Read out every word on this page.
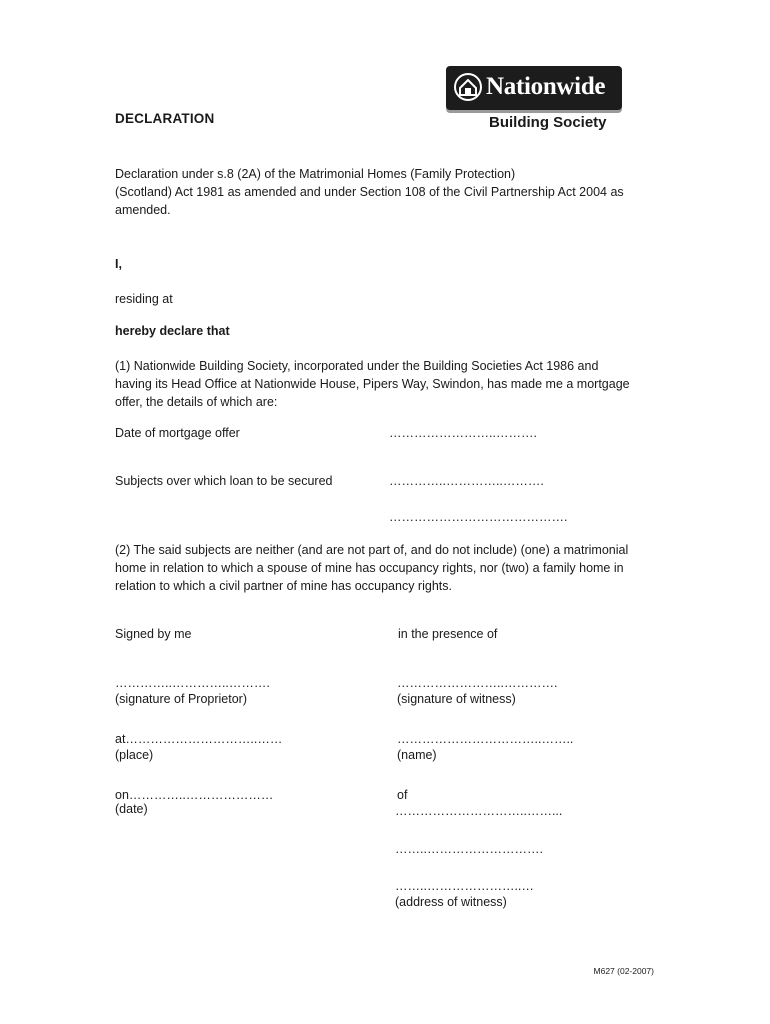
Nationwide
Building Society
DECLARATION
Declaration under s.8 (2A) of the Matrimonial Homes (Family Protection)
(Scotland) Act 1981 as amended and under Section 108 of the Civil Partnership Act 2004 as
amended.
I,
residing at
hereby declare that
(1) Nationwide Building Society, incorporated under the Building Societies Act 1986 and
having its Head Office at Nationwide House, Pipers Way, Swindon, has made me a mortgage
offer, the details of which are:
Date of mortgage offer	……………………..……….
Subjects over which loan to be secured	…………..…………..……….
…………………………………….
(2) The said subjects are neither (and are not part of, and do not include) (one) a matrimonial
home in relation to which a spouse of mine has occupancy rights, nor (two) a family home in
relation to which a civil partner of mine has occupancy rights.
Signed by me	in the presence of
…………..…………..……….
(signature of Proprietor)
……………………..………….
(signature of witness)
at…………………………..……
(place)
……………………………..……..
(name)
on…………..…………………
(date)
of
…………………………..……...
……..……………………….
……..…………………..…
(address of witness)
M627 (02-2007)
